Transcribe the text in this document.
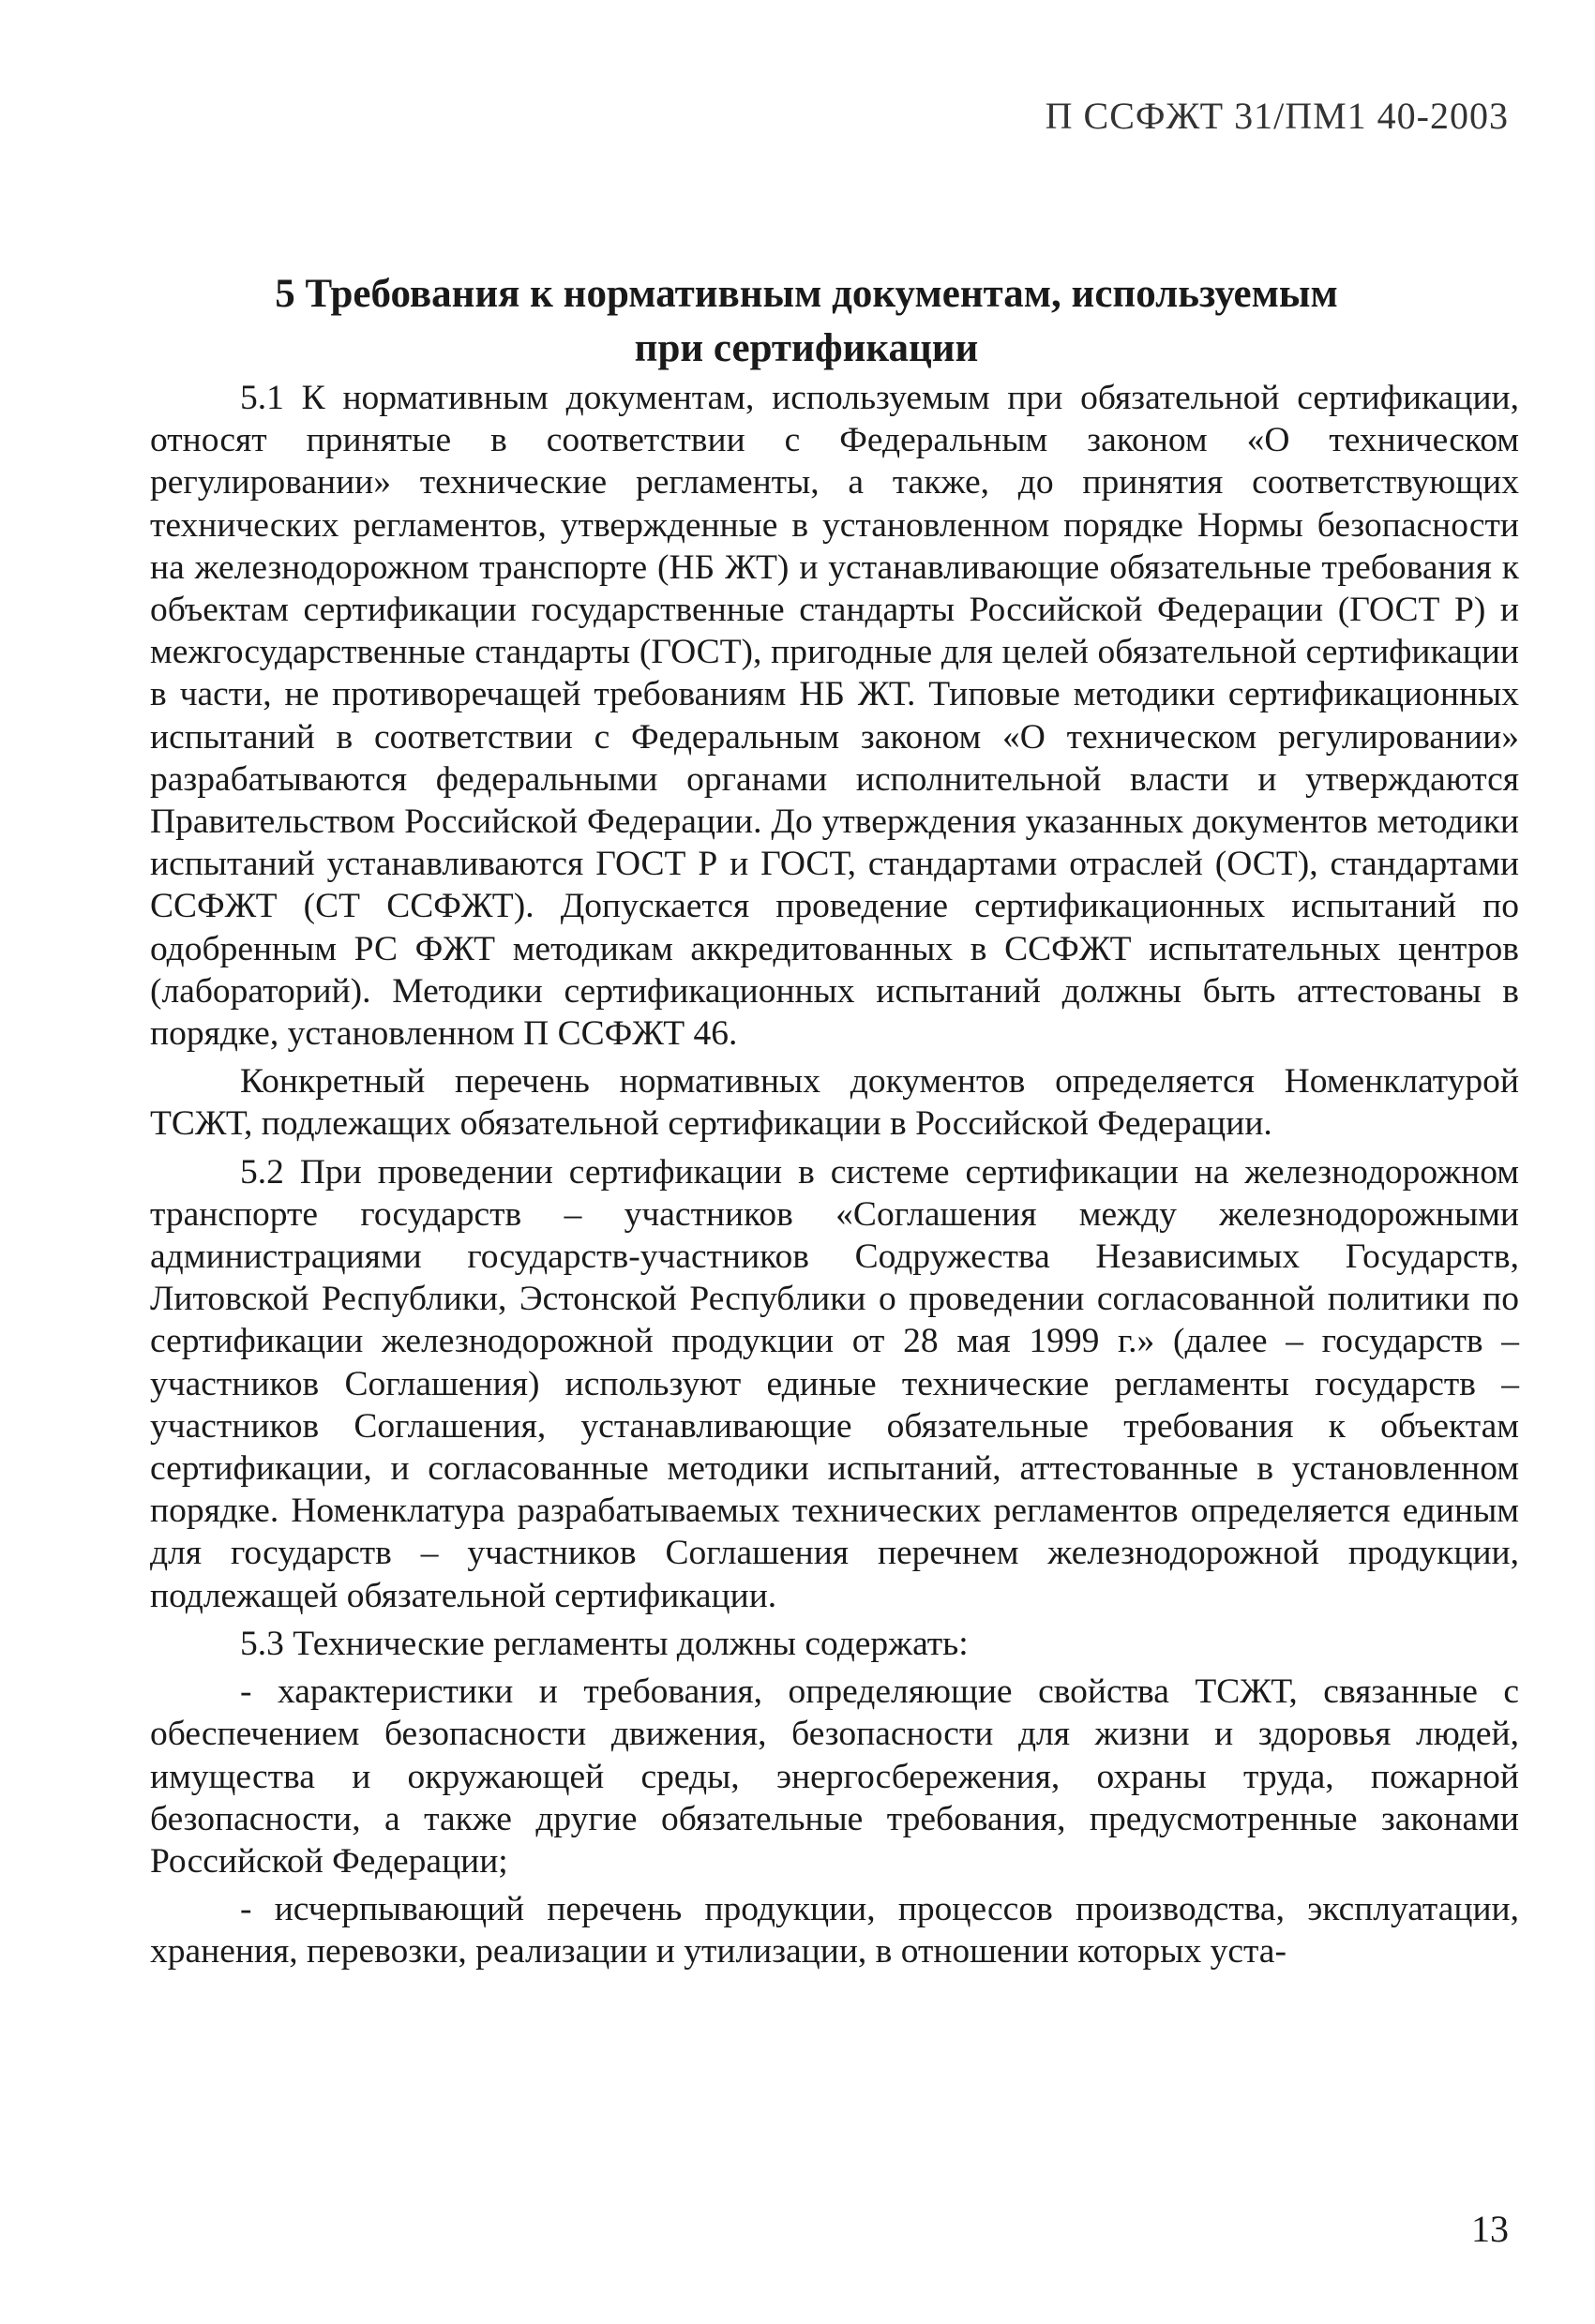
П ССФЖТ 31/ПМ1 40-2003
5 Требования к нормативным документам, используемым
при сертификации

5.1 К нормативным документам, используемым при обязательной сертификации, относят принятые в соответствии с Федеральным законом «О техническом регулировании» технические регламенты, а также, до принятия соответствующих технических регламентов, утвержденные в установленном порядке Нормы безопасности на железнодорожном транспорте (НБ ЖТ) и устанавливающие обязательные требования к объектам сертификации государственные стандарты Российской Федерации (ГОСТ Р) и межгосударственные стандарты (ГОСТ), пригодные для целей обязательной сертификации в части, не противоречащей требованиям НБ ЖТ. Типовые методики сертификационных испытаний в соответствии с Федеральным законом «О техническом регулировании» разрабатываются федеральными органами исполнительной власти и утверждаются Правительством Российской Федерации. До утверждения указанных документов методики испытаний устанавливаются ГОСТ Р и ГОСТ, стандартами отраслей (ОСТ), стандартами ССФЖТ (СТ ССФЖТ). Допускается проведение сертификационных испытаний по одобренным РС ФЖТ методикам аккредитованных в ССФЖТ испытательных центров (лабораторий). Методики сертификационных испытаний должны быть аттестованы в порядке, установленном П ССФЖТ 46.

Конкретный перечень нормативных документов определяется Номенклатурой ТСЖТ, подлежащих обязательной сертификации в Российской Федерации.

5.2 При проведении сертификации в системе сертификации на железнодорожном транспорте государств – участников «Соглашения между железнодорожными администрациями государств-участников Содружества Независимых Государств, Литовской Республики, Эстонской Республики о проведении согласованной политики по сертификации железнодорожной продукции от 28 мая 1999 г.» (далее – государств – участников Соглашения) используют единые технические регламенты государств – участников Соглашения, устанавливающие обязательные требования к объектам сертификации, и согласованные методики испытаний, аттестованные в установленном порядке. Номенклатура разрабатываемых технических регламентов определяется единым для государств – участников Соглашения перечнем железнодорожной продукции, подлежащей обязательной сертификации.

5.3 Технические регламенты должны содержать:

- характеристики и требования, определяющие свойства ТСЖТ, связанные с обеспечением безопасности движения, безопасности для жизни и здоровья людей, имущества и окружающей среды, энергосбережения, охраны труда, пожарной безопасности, а также другие обязательные требования, предусмотренные законами Российской Федерации;

- исчерпывающий перечень продукции, процессов производства, эксплуатации, хранения, перевозки, реализации и утилизации, в отношении которых уста-

13
